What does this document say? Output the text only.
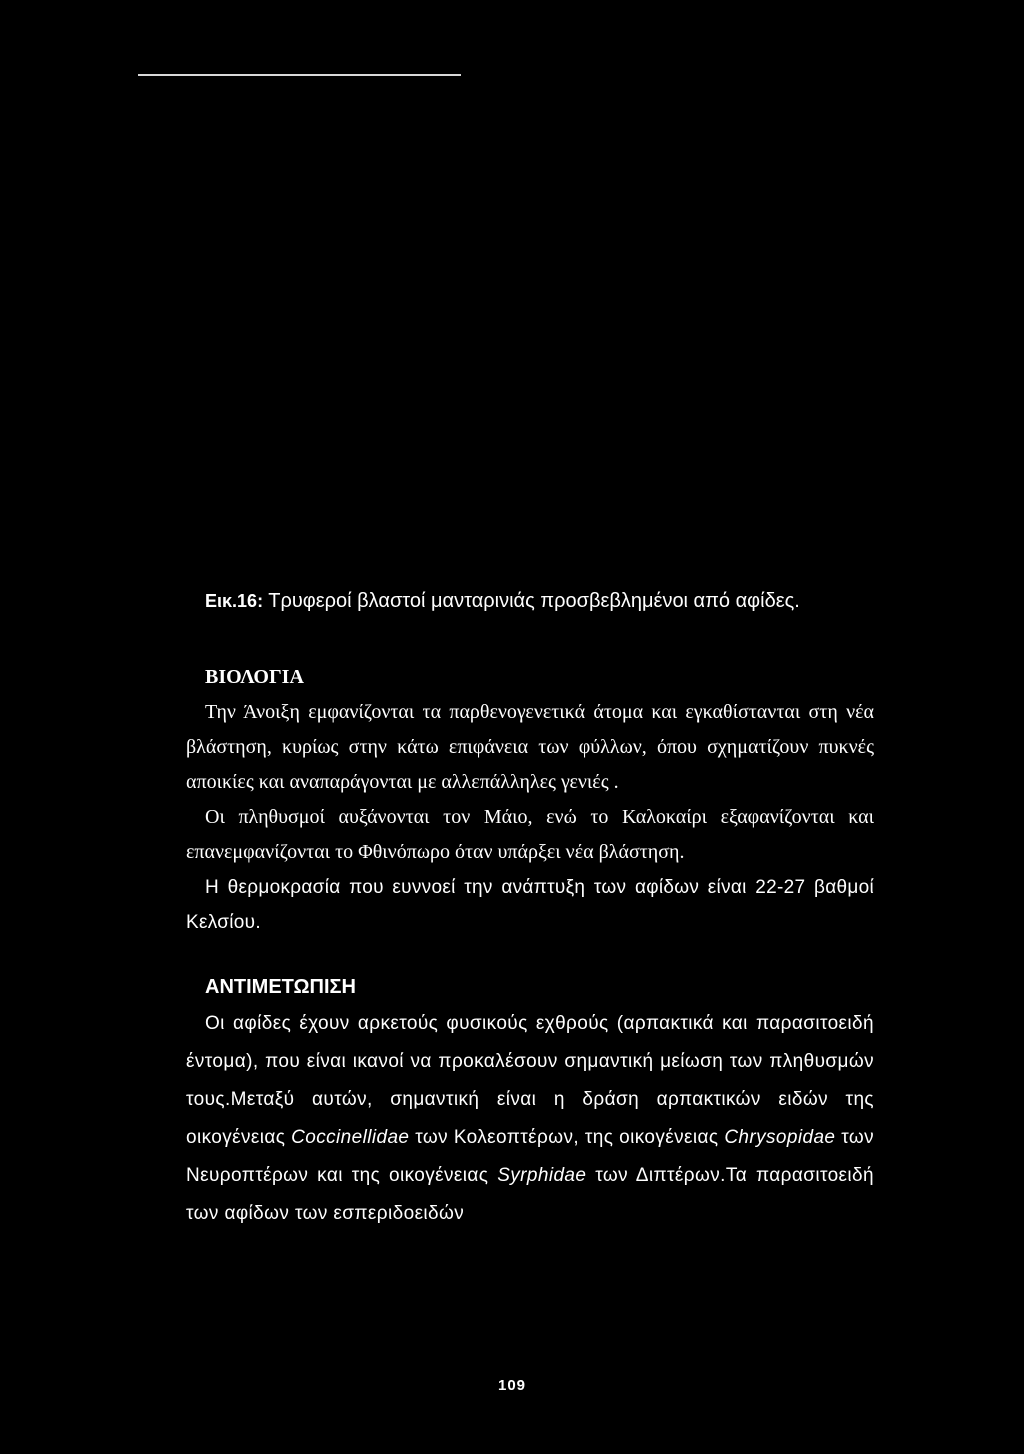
Εικ.16: Τρυφεροί βλαστοί μανταρινιάς προσβεβλημένοι από αφίδες.
ΒΙΟΛΟΓΙΑ

Την Άνοιξη εμφανίζονται τα παρθενογενετικά άτομα και εγκαθίστανται στη νέα βλάστηση, κυρίως στην κάτω επιφάνεια των φύλλων, όπου σχηματίζουν πυκνές αποικίες και αναπαράγονται με αλλεπάλληλες γενιές .

Οι πληθυσμοί αυξάνονται τον Μάιο, ενώ το Καλοκαίρι εξαφανίζονται και επανεμφανίζονται το Φθινόπωρο όταν υπάρξει νέα βλάστηση.

Η θερμοκρασία που ευννοεί την ανάπτυξη των αφίδων είναι 22-27 βαθμοί Κελσίου.

ΑΝΤΙΜΕΤΩΠΙΣΗ

Οι αφίδες έχουν αρκετούς φυσικούς εχθρούς (αρπακτικά και παρασιτοειδή έντομα), που είναι ικανοί να προκαλέσουν σημαντική μείωση των πληθυσμών τους.Μεταξύ αυτών, σημαντική είναι η δράση αρπακτικών ειδών της οικογένειας Coccinellidae των Κολεοπτέρων, της οικογένειας Chrysopidae των Νευροπτέρων και της οικογένειας Syrphidae των Διπτέρων.Τα παρασιτοειδή των αφίδων των εσπεριδοειδών

109
